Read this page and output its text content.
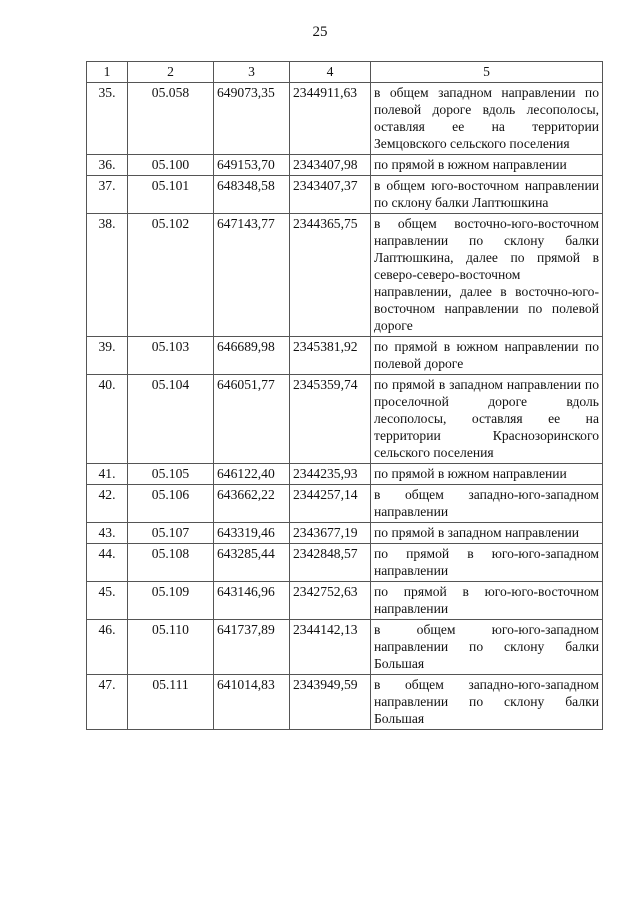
25
1	2	3	4	5
35.	05.058	649073,35	2344911,63	в общем западном направлении по полевой дороге вдоль лесополосы, оставляя ее на территории Земцовского сельского поселения
36.	05.100	649153,70	2343407,98	по прямой в южном направлении
37.	05.101	648348,58	2343407,37	в общем юго-восточном направлении по склону балки Лаптюшкина
38.	05.102	647143,77	2344365,75	в общем восточно-юго-восточном направлении по склону балки Лаптюшкина, далее по прямой в северо-северо-восточном направлении, далее в восточно-юго-восточном направлении по полевой дороге
39.	05.103	646689,98	2345381,92	по прямой в южном направлении по полевой дороге
40.	05.104	646051,77	2345359,74	по прямой в западном направлении по проселочной дороге вдоль лесополосы, оставляя ее на территории Краснозоринского сельского поселения
41.	05.105	646122,40	2344235,93	по прямой в южном направлении
42.	05.106	643662,22	2344257,14	в общем западно-юго-западном направлении
43.	05.107	643319,46	2343677,19	по прямой в западном направлении
44.	05.108	643285,44	2342848,57	по прямой в юго-юго-западном направлении
45.	05.109	643146,96	2342752,63	по прямой в юго-юго-восточном направлении
46.	05.110	641737,89	2344142,13	в общем юго-юго-западном направлении по склону балки Большая
47.	05.111	641014,83	2343949,59	в общем западно-юго-западном направлении по склону балки Большая
